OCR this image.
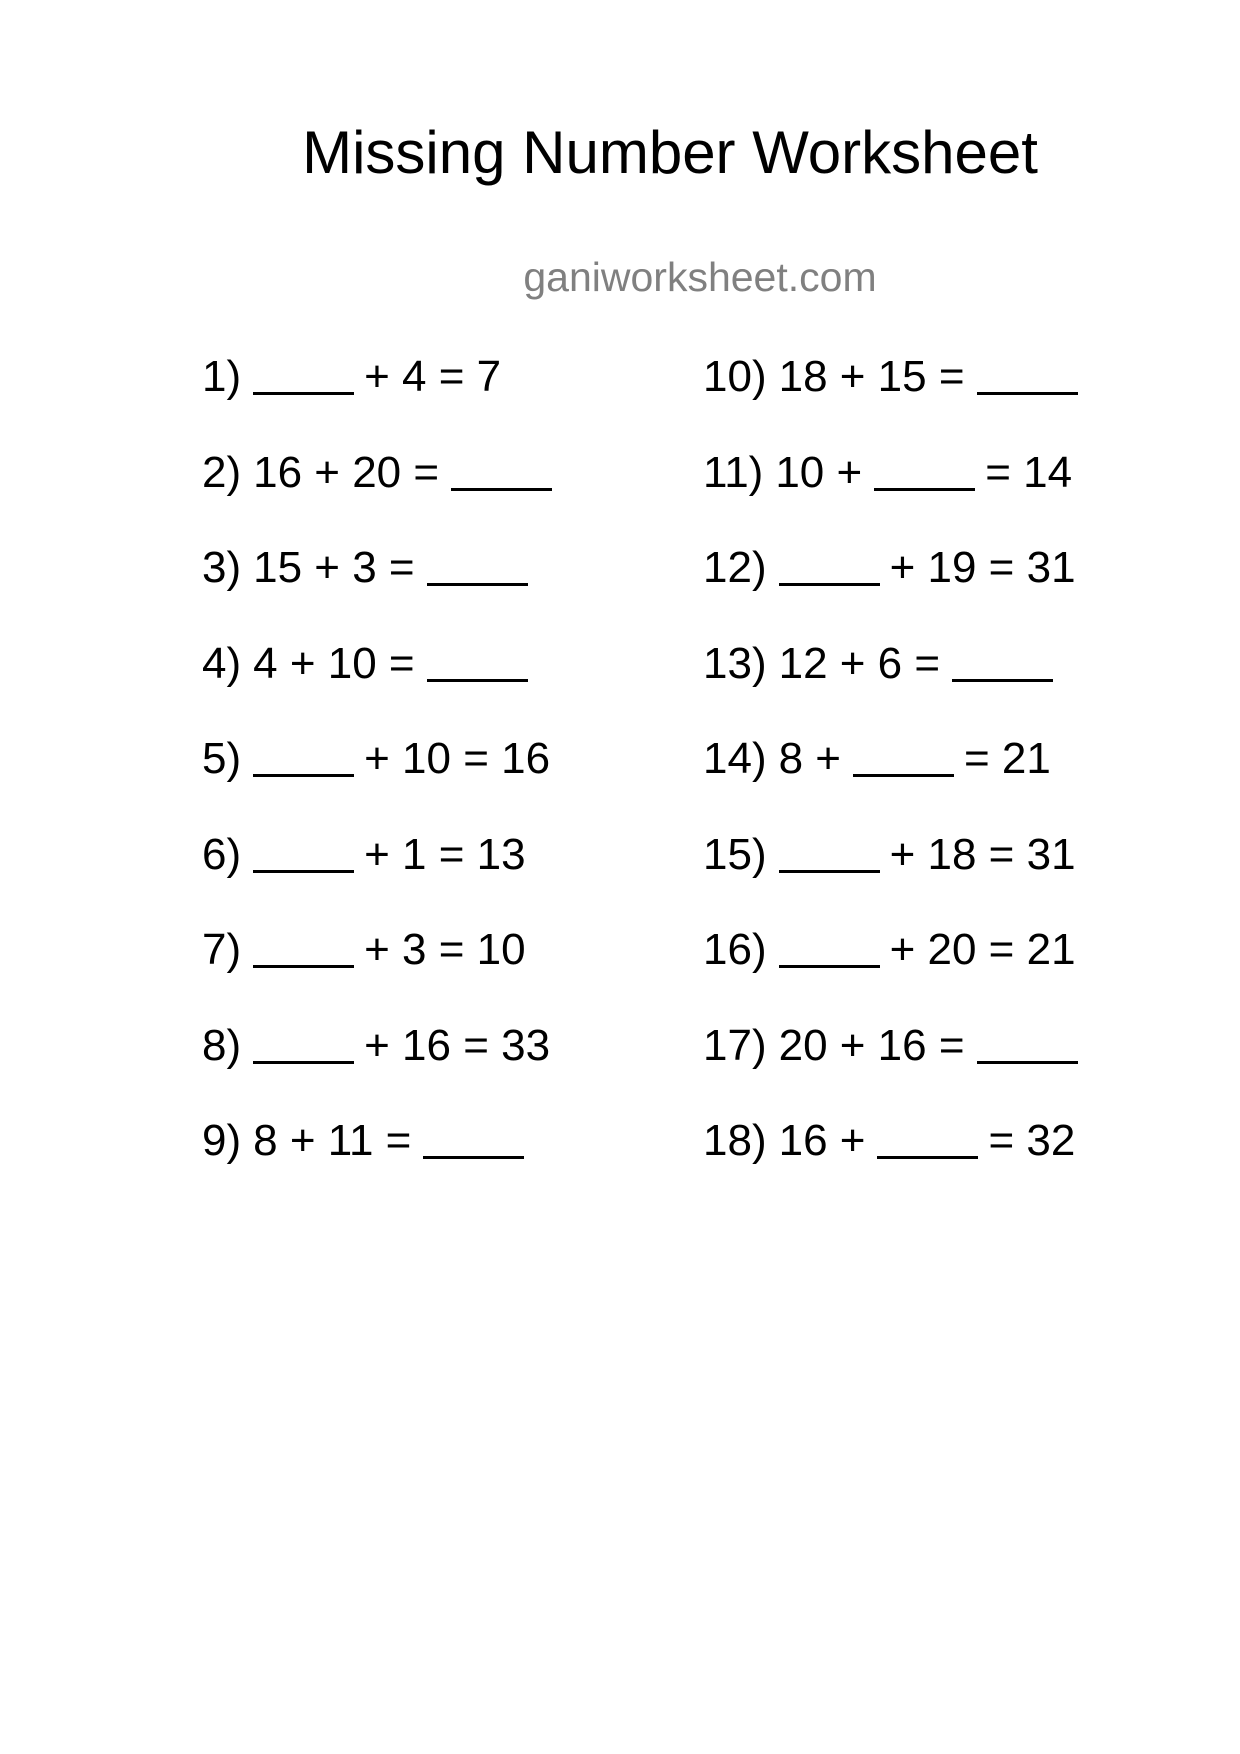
Missing Number Worksheet
ganiworksheet.com
1)	+ 4 = 7
2) 16 + 20 =
3) 15 + 3 =
4) 4 + 10 =
5)	+ 10 = 16
6)	+ 1 = 13
7)	+ 3 = 10
8)	+ 16 = 33
9) 8 + 11 =
10) 18 + 15 =
11) 10 +	= 14
12)	+ 19 = 31
13) 12 + 6 =
14) 8 +	= 21
15)	+ 18 = 31
16)	+ 20 = 21
17) 20 + 16 =
18) 16 +	= 32
